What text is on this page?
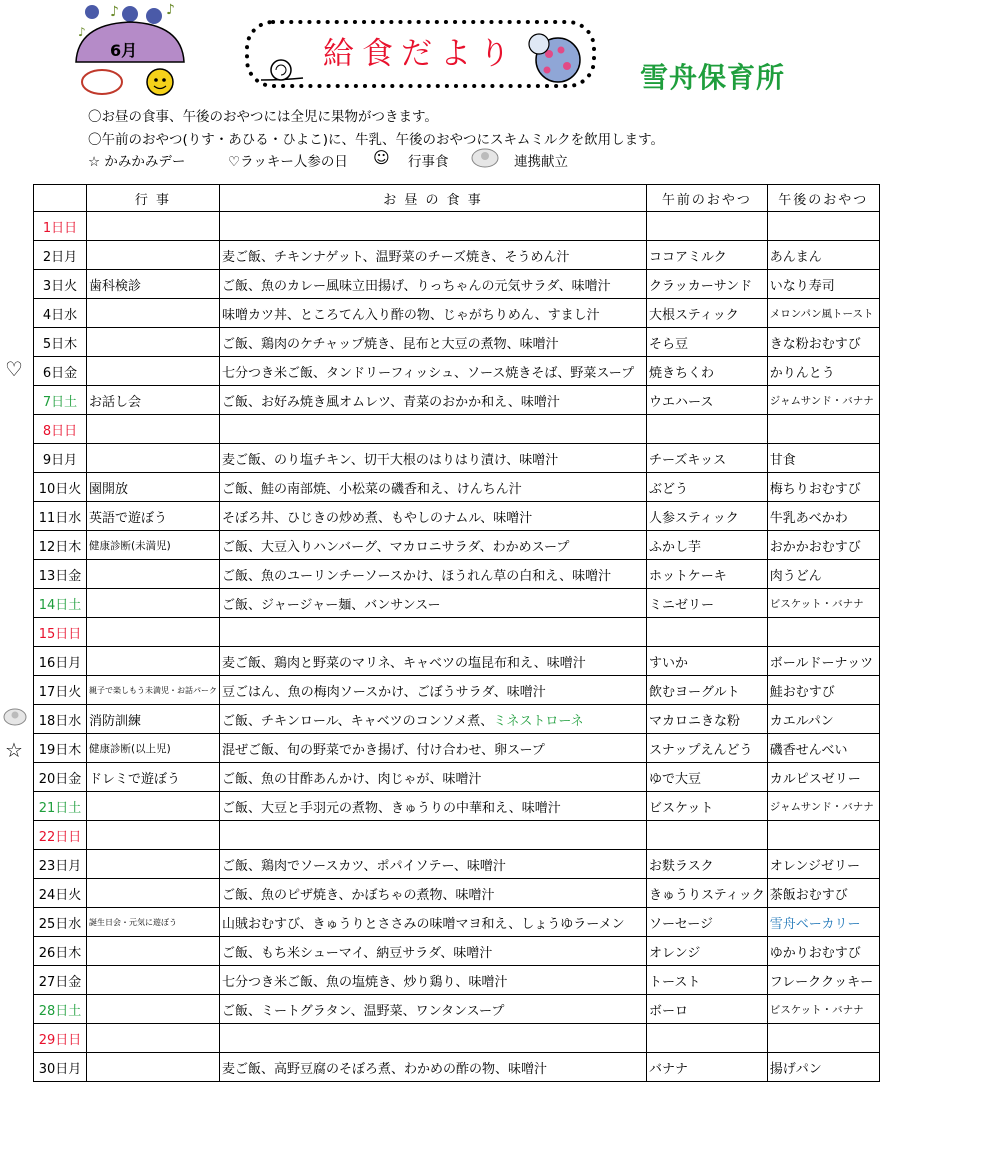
♪	♪
♪
6月	給食だより
雪舟保育所
〇お昼の食事、午後のおやつには全児に果物がつきます。
〇午前のおやつ(りす・あひる・ひよこ)に、牛乳、午後のおやつにスキムミルクを飲用します。
☆ かみかみデー	♡ラッキー人参の日 ☺ 行事食	連携献立
♡
☆
	行 事	お 昼 の 食 事	午前のおやつ	午後のおやつ
1日日				
2日月		麦ご飯、チキンナゲット、温野菜のチーズ焼き、そうめん汁	ココアミルク	あんまん
3日火	歯科検診	ご飯、魚のカレー風味立田揚げ、りっちゃんの元気サラダ、味噌汁	クラッカーサンド	いなり寿司
4日水		味噌カツ丼、ところてん入り酢の物、じゃがちりめん、すまし汁	大根スティック	メロンパン風トースト
5日木		ご飯、鶏肉のケチャップ焼き、昆布と大豆の煮物、味噌汁	そら豆	きな粉おむすび
6日金		七分つき米ご飯、タンドリーフィッシュ、ソース焼きそば、野菜スープ	焼きちくわ	かりんとう
7日土	お話し会	ご飯、お好み焼き風オムレツ、青菜のおかか和え、味噌汁	ウエハース	ジャムサンド・バナナ
8日日				
9日月		麦ご飯、のり塩チキン、切干大根のはりはり漬け、味噌汁	チーズキッス	甘食
10日火	園開放	ご飯、鮭の南部焼、小松菜の磯香和え、けんちん汁	ぶどう	梅ちりおむすび
11日水	英語で遊ぼう	そぼろ丼、ひじきの炒め煮、もやしのナムル、味噌汁	人参スティック	牛乳あべかわ
12日木	健康診断(未満児)	ご飯、大豆入りハンバーグ、マカロニサラダ、わかめスープ	ふかし芋	おかかおむすび
13日金		ご飯、魚のユーリンチーソースかけ、ほうれん草の白和え、味噌汁	ホットケーキ	肉うどん
14日土		ご飯、ジャージャー麺、バンサンスー	ミニゼリー	ビスケット・バナナ
15日日				
16日月		麦ご飯、鶏肉と野菜のマリネ、キャベツの塩昆布和え、味噌汁	すいか	ボールドーナッツ
17日火	親子で楽しもう未満児・お話パーク	豆ごはん、魚の梅肉ソースかけ、ごぼうサラダ、味噌汁	飲むヨーグルト	鮭おむすび
18日水	消防訓練	ご飯、チキンロール、キャベツのコンソメ煮、ミネストローネ	マカロニきな粉	カエルパン
19日木	健康診断(以上児)	混ぜご飯、旬の野菜でかき揚げ、付け合わせ、卵スープ	スナップえんどう	磯香せんべい
20日金	ドレミで遊ぼう	ご飯、魚の甘酢あんかけ、肉じゃが、味噌汁	ゆで大豆	カルピスゼリー
21日土		ご飯、大豆と手羽元の煮物、きゅうりの中華和え、味噌汁	ビスケット	ジャムサンド・バナナ
22日日				
23日月		ご飯、鶏肉でソースカツ、ポパイソテー、味噌汁	お麩ラスク	オレンジゼリー
24日火		ご飯、魚のピザ焼き、かぼちゃの煮物、味噌汁	きゅうりスティック	茶飯おむすび
25日水	誕生日会・元気に遊ぼう	山賊おむすび、きゅうりとささみの味噌マヨ和え、しょうゆラーメン	ソーセージ	雪舟ベーカリー
26日木		ご飯、もち米シューマイ、納豆サラダ、味噌汁	オレンジ	ゆかりおむすび
27日金		七分つき米ご飯、魚の塩焼き、炒り鶏り、味噌汁	トースト	フレーククッキー
28日土		ご飯、ミートグラタン、温野菜、ワンタンスープ	ボーロ	ビスケット・バナナ
29日日				
30日月		麦ご飯、高野豆腐のそぼろ煮、わかめの酢の物、味噌汁	バナナ	揚げパン
